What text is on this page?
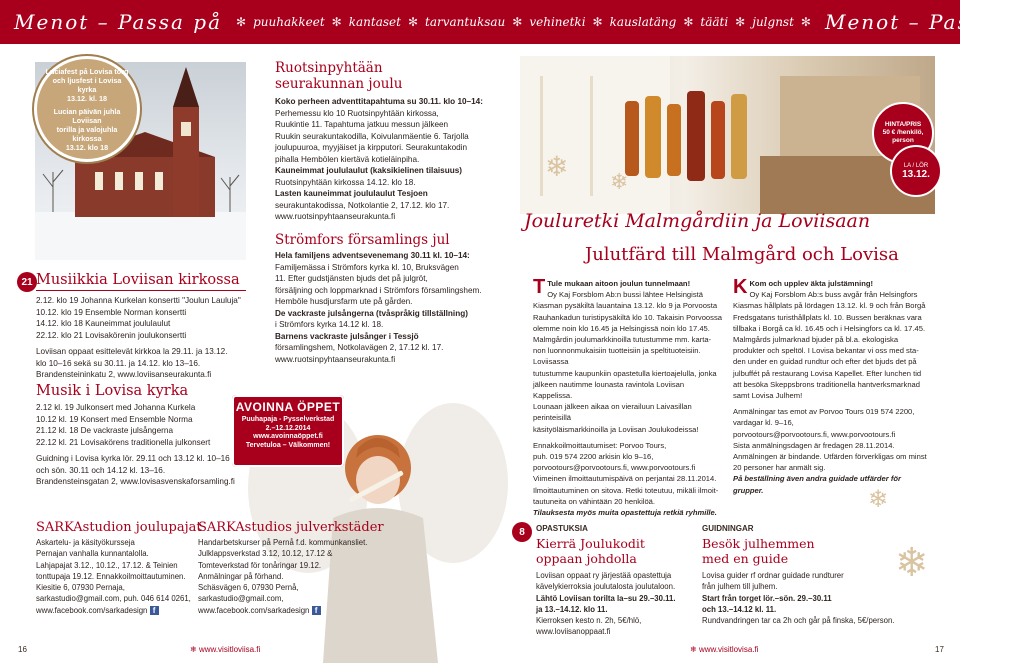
Menot – Passa på ✻ puuhakkeet ✻ kantaset ✻ tarvantuksau ✻ vehinetki ✻ kauslatäng ✻ tääti ✻ julgnst ✻ Menot – Passa på
Luciafest på Lovisa torg
och ljusfest i Lovisa kyrka
13.12. kl. 18
Lucian päivän juhla Loviisan
torilla ja valojuhla kirkossa
13.12. klo 18
21 Musiikkia Loviisan kirkossa
2.12. klo 19 Johanna Kurkelan konsertti "Joulun Lauluja"
10.12. klo 19 Ensemble Norman konsertti
14.12. klo 18 Kauneimmat joululaulut
22.12. klo 21 Lovisakörenin joulukonsertti
Loviisan oppaat esittelevät kirkkoa la 29.11. ja 13.12.
klo 10–16 sekä su 30.11. ja 14.12. klo 13–16.
Brandensteininkatu 2, www.loviisanseurakunta.fi
Musik i Lovisa kyrka
2.12 kl. 19 Julkonsert med Johanna Kurkela
10.12 kl. 19 Konsert med Ensemble Norma
21.12 kl. 18 De vackraste julsångerna
22.12 kl. 21 Lovisakörens traditionella julkonsert
Guidning i Lovisa kyrka lör. 29.11 och 13.12 kl. 10–16
och sön. 30.11 och 14.12 kl. 13–16.
Brandensteinsgatan 2, www.lovisasvenskaforsamling.fi
Ruotsinpyhtään
seurakunnan joulu
Koko perheen adventtitapahtuma su 30.11. klo 10–14:
Perhemessu klo 10 Ruotsinpyhtään kirkossa,
Ruukintie 11. Tapahtuma jatkuu messun jälkeen
Ruukin seurakuntakodilla, Koivulanmäentie 6. Tarjolla
joulupuuroa, myyjäiset ja kirpputori. Seurakuntakodin
pihalla Hembölen kiertävä kotieläinpiha.
Kauneimmat joululaulut (kaksikielinen tilaisuus)
Ruotsinpyhtään kirkossa 14.12. klo 18.
Lasten kauneimmat joululaulut Tesjoen
seurakuntakodissa, Notkolantie 2, 17.12. klo 17.
www.ruotsinpyhtaanseurakunta.fi
Strömfors församlings jul
Hela familjens adventsevenemang 30.11 kl. 10–14:
Familjemässa i Strömfors kyrka kl. 10, Bruksvägen
11. Efter gudstjänsten bjuds det på julgröt,
försäljning och loppmarknad i Strömfors församlingshem.
Hemböle husdjursfarm ute på gården.
De vackraste julsångerna (tvåspråkig tillställning)
i Strömfors kyrka 14.12 kl. 18.
Barnens vackraste julsånger i Tessjö
församlingshem, Notkolavägen 2, 17.12 kl. 17.
www.ruotsinpyhtaanseurakunta.fi
AVOINNA ÖPPET
Puuhapaja - Pysselverkstad
2.–12.12.2014
www.avoinnaöppet.fi
Tervetuloa – Välkommen!
HINTA/PRIS
50 € /henkilö,
person
LA / LÖR
13.12.
❄ ❄
❄
❄
Jouluretki Malmgårdiin ja Loviisaan
Julutfärd till Malmgård och Lovisa
T Tule mukaan aitoon joulun tunnelmaan!
Oy Kaj Forsblom Ab:n bussi lähtee Helsingistä
Kiasman pysäkiltä lauantaina 13.12. klo 9 ja Porvoosta
Rauhankadun turistipysäkiltä klo 10. Takaisin Porvoossa
olemme noin klo 16.45 ja Helsingissä noin klo 17.45.
Malmgårdin joulumarkkinoilla tutustumme mm. karta-
non luonnonmukaisiin tuotteisiin ja speltituoteisiin. Loviisassa
tutustumme kaupunkiin opastetulla kiertoajelulla, jonka
jälkeen nautimme lounasta ravintola Loviisan Kappelissa.
Lounaan jälkeen aikaa on vierailuun Laivasillan perinteisillä
käsityöläismarkkinoilla ja Loviisan Joulukodeissa!
Ennakkoilmoittautumiset: Porvoo Tours,
puh. 019 574 2200 arkisin klo 9–16,
porvootours@porvootours.fi, www.porvootours.fi
Viimeinen ilmoittautumispäivä on perjantai 28.11.2014.
Ilmoittautuminen on sitova. Retki toteutuu, mikäli ilmoit-
tautuneita on vähintään 20 henkilöä.
Tilauksesta myös muita opastettuja retkiä ryhmille.
K Kom och upplev äkta julstämning!
Oy Kaj Forsblom Ab:s buss avgår från Helsingfors
Kiasmas hållplats på lördagen 13.12. kl. 9 och från Borgå
Fredsgatans turisthållplats kl. 10. Bussen beräknas vara
tillbaka i Borgå ca kl. 16.45 och i Helsingfors ca kl. 17.45.
Malmgårds julmarknad bjuder på bl.a. ekologiska
produkter och speltöl. I Lovisa bekantar vi oss med sta-
den under en guidad rundtur och efter det bjuds det på
julbuffét på restaurang Lovisa Kapellet. Efter lunchen tid
att besöka Skeppsbrons traditionella hantverksmarknad
samt Lovisa Julhem!
Anmälningar tas emot av Porvoo Tours 019 574 2200,
vardagar kl. 9–16,
porvootours@porvootours.fi, www.porvootours.fi
Sista anmälningsdagen är fredagen 28.11.2014.
Anmälningen är bindande. Utfärden förverkligas om minst
20 personer har anmält sig.
På beställning även andra guidade utfärder för grupper.
SARKAstudion joulupajat
Askartelu- ja käsityökursseja
Pernajan vanhalla kunnantalolla.
Lahjapajat 3.12., 10.12., 17.12. & Teinien
tonttupaja 19.12. Ennakkoilmoittautuminen.
Kiesitie 6, 07930 Pernaja,
sarkastudio@gmail.com, puh. 046 614 0261,
www.facebook.com/sarkadesign f
SARKAstudios julverkstäder
Handarbetskurser på Pernå f.d. kommunkansliet.
Julklappsverkstad 3.12, 10.12, 17.12 &
Tomteverkstad för tonåringar 19.12.
Anmälningar på förhand.
Schäsvägen 6, 07930 Pernå,
sarkastudio@gmail.com,
www.facebook.com/sarkadesign f
8	OPASTUKSIA
Kierrä Joulukodit
oppaan johdolla
Loviisan oppaat ry järjestää opastettuja
kävelykierroksia joulutalosta joulutaloon.
Lähtö Loviisan torilta la–su 29.–30.11.
ja 13.–14.12. klo 11.
Kierroksen kesto n. 2h, 5€/hlö,
www.loviisanoppaat.fi
GUIDNINGAR
Besök julhemmen
med en guide
Lovisa guider rf ordnar guidade rundturer
från julhem till julhem.
Start från torget lör.–sön. 29.–30.11
och 13.–14.12 kl. 11.
Rundvandringen tar ca 2h och går på finska, 5€/person.
16	❄ www.visitloviisa.fi	❄ www.visitlovisa.fi	17
